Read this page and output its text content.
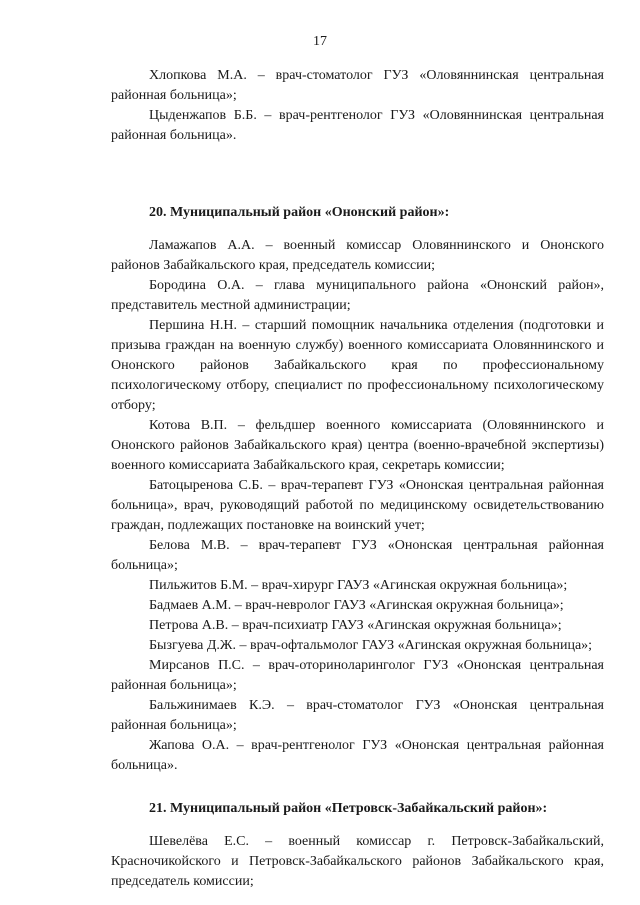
17

Хлопкова М.А. – врач-стоматолог ГУЗ «Оловяннинская центральная районная больница»;

Цыденжапов Б.Б. – врач-рентгенолог ГУЗ «Оловяннинская центральная районная больница».

20. Муниципальный район «Ононский район»:

Ламажапов А.А. – военный комиссар Оловяннинского и Ононского районов Забайкальского края, председатель комиссии;

Бородина О.А. – глава муниципального района «Ононский район», представитель местной администрации;

Першина Н.Н. – старший помощник начальника отделения (подготовки и призыва граждан на военную службу) военного комиссариата Оловяннинского и Ононского районов Забайкальского края по профессиональному психологическому отбору, специалист по профессиональному психологическому отбору;

Котова В.П. – фельдшер военного комиссариата (Оловяннинского и Ононского районов Забайкальского края) центра (военно-врачебной экспертизы) военного комиссариата Забайкальского края, секретарь комиссии;

Батоцыренова С.Б. – врач-терапевт ГУЗ «Ононская центральная районная больница», врач, руководящий работой по медицинскому освидетельствованию граждан, подлежащих постановке на воинский учет;

Белова М.В. – врач-терапевт ГУЗ «Ононская центральная районная больница»;

Пильжитов Б.М. – врач-хирург ГАУЗ «Агинская окружная больница»;

Бадмаев А.М. – врач-невролог ГАУЗ «Агинская окружная больница»;

Петрова А.В. – врач-психиатр ГАУЗ «Агинская окружная больница»;

Бызгуева Д.Ж. – врач-офтальмолог ГАУЗ «Агинская окружная больница»;

Мирсанов П.С. – врач-оториноларинголог ГУЗ «Ононская центральная районная больница»;

Бальжинимаев К.Э. – врач-стоматолог ГУЗ «Ононская центральная районная больница»;

Жапова О.А. – врач-рентгенолог ГУЗ «Ононская центральная районная больница».

21. Муниципальный район «Петровск-Забайкальский район»:

Шевелёва Е.С. – военный комиссар г. Петровск-Забайкальский, Красночикойского и Петровск-Забайкальского районов Забайкальского края, председатель комиссии;
